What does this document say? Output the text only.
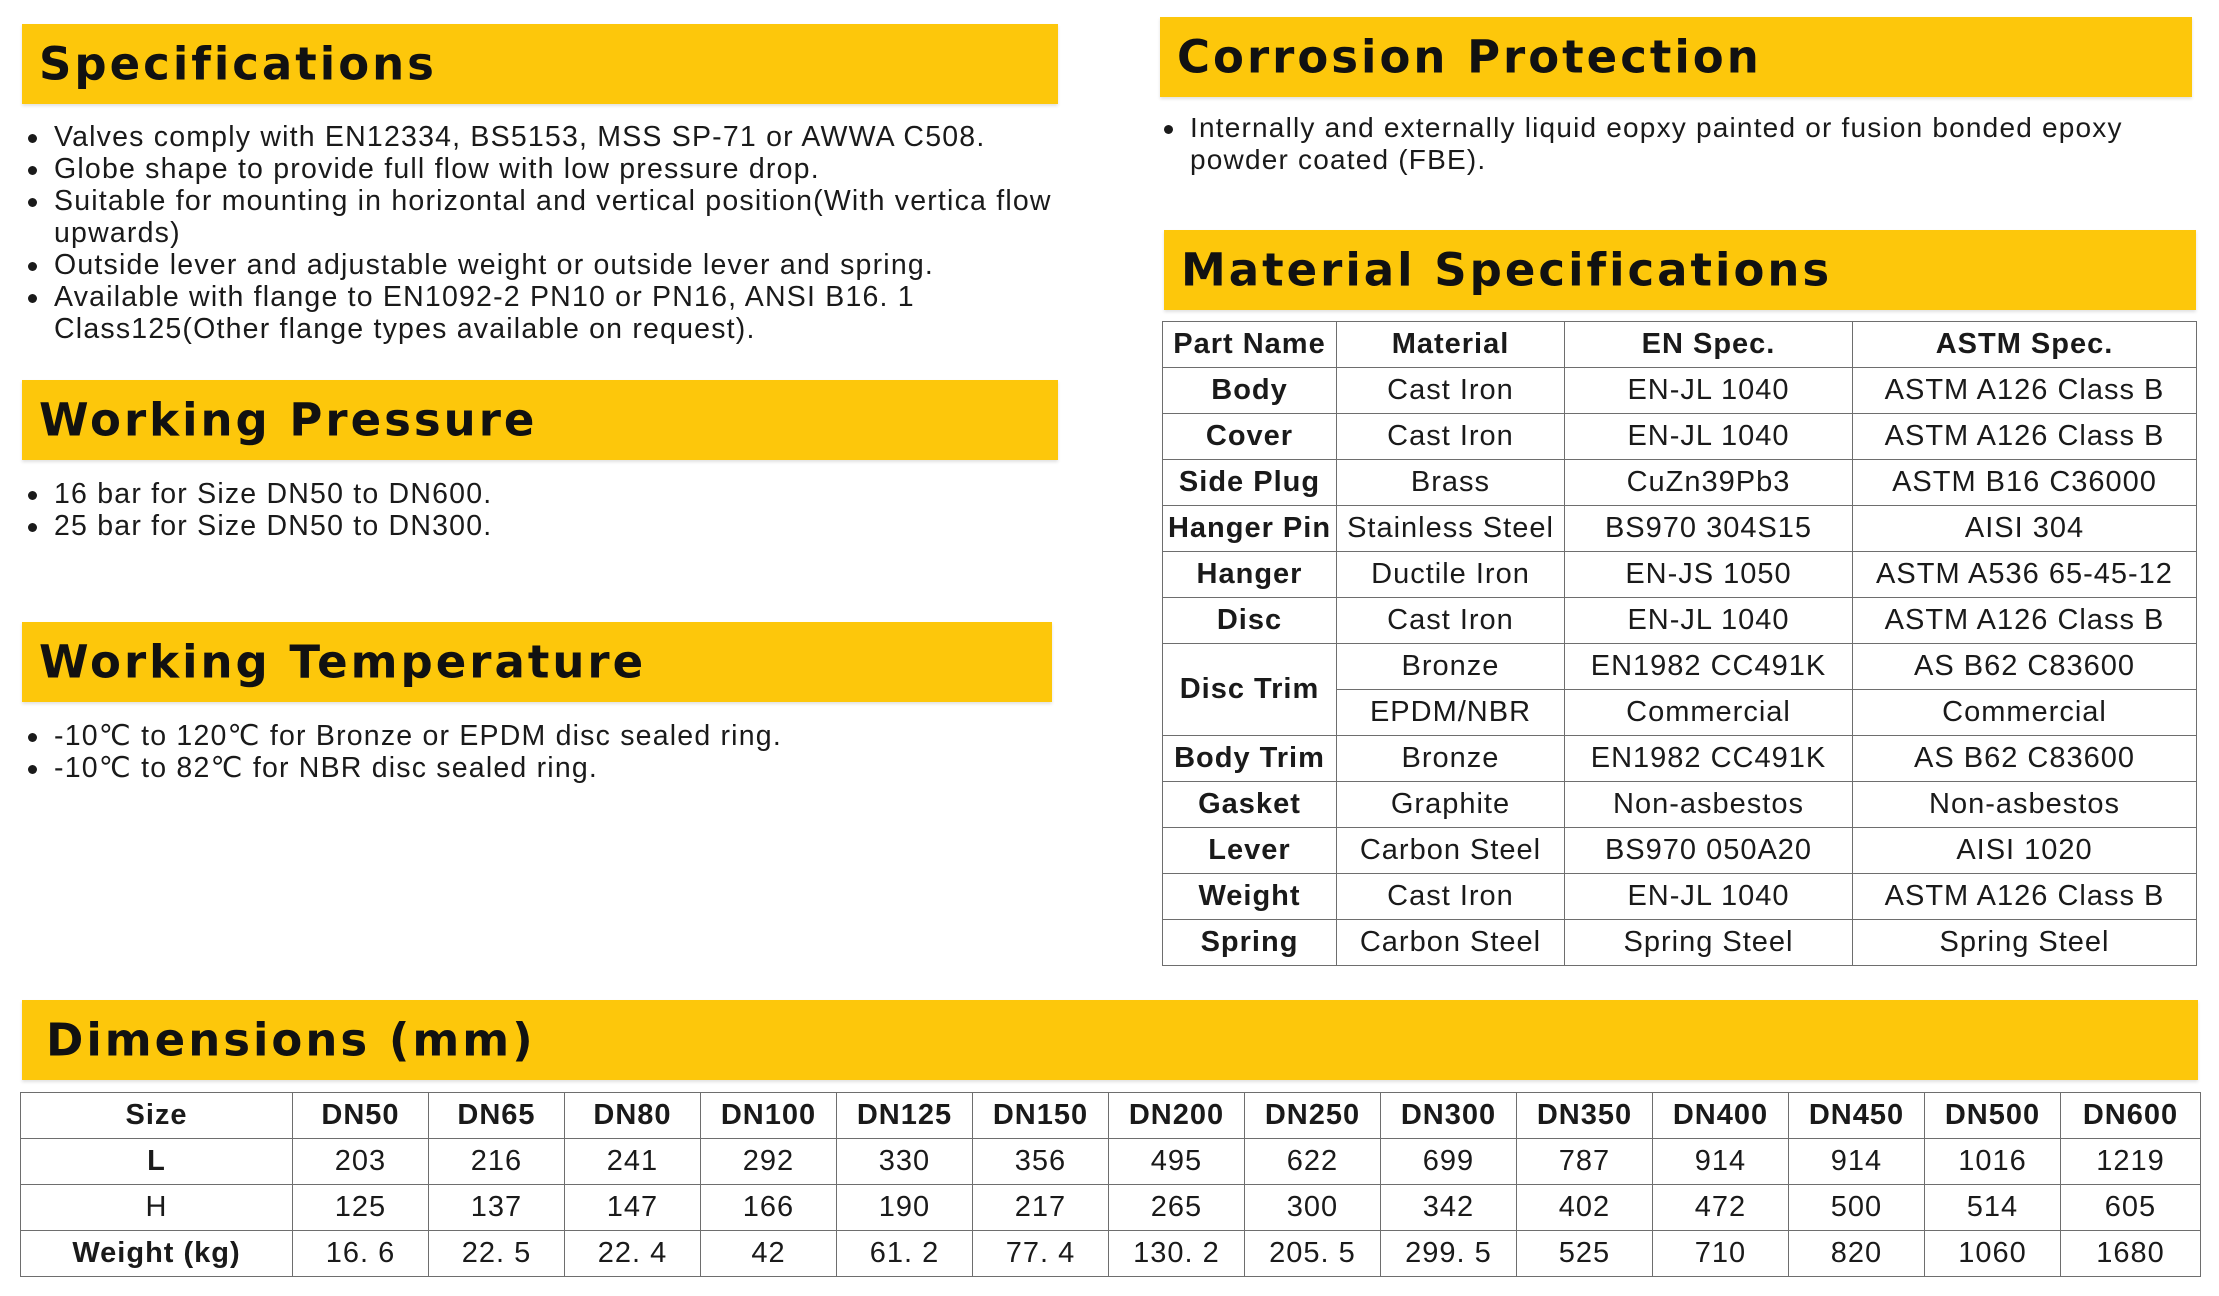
Specifications
Valves comply with EN12334, BS5153, MSS SP-71 or AWWA C508.
Globe shape to provide full flow with low pressure drop.
Suitable for mounting in horizontal and vertical position(With vertica flow upwards)
Outside lever and adjustable weight or outside lever and spring.
Available with flange to EN1092-2 PN10 or PN16, ANSI B16. 1 Class125(Other flange types available on request).
Working Pressure
16 bar for Size DN50 to DN600.
25 bar for Size DN50 to DN300.
Working Temperature
-10℃ to 120℃ for Bronze or EPDM disc sealed ring.
-10℃ to 82℃ for NBR disc sealed ring.
Corrosion Protection
Internally and externally liquid eopxy painted or fusion bonded epoxy powder coated (FBE).
Material Specifications
Part Name	Material	EN Spec.	ASTM Spec.
Body	Cast Iron	EN-JL 1040	ASTM A126 Class B
Cover	Cast Iron	EN-JL 1040	ASTM A126 Class B
Side Plug	Brass	CuZn39Pb3	ASTM B16 C36000
Hanger Pin	Stainless Steel	BS970 304S15	AISI 304
Hanger	Ductile Iron	EN-JS 1050	ASTM A536 65-45-12
Disc	Cast Iron	EN-JL 1040	ASTM A126 Class B
Disc Trim	Bronze	EN1982 CC491K	AS B62 C83600
	EPDM/NBR	Commercial	Commercial
Body Trim	Bronze	EN1982 CC491K	AS B62 C83600
Gasket	Graphite	Non-asbestos	Non-asbestos
Lever	Carbon Steel	BS970 050A20	AISI 1020
Weight	Cast Iron	EN-JL 1040	ASTM A126 Class B
Spring	Carbon Steel	Spring Steel	Spring Steel
Dimensions (mm)
Size	DN50	DN65	DN80	DN100	DN125	DN150	DN200	DN250	DN300	DN350	DN400	DN450	DN500	DN600
L	203	216	241	292	330	356	495	622	699	787	914	914	1016	1219
H	125	137	147	166	190	217	265	300	342	402	472	500	514	605
Weight (kg)	16. 6	22. 5	22. 4	42	61. 2	77. 4	130. 2	205. 5	299. 5	525	710	820	1060	1680
